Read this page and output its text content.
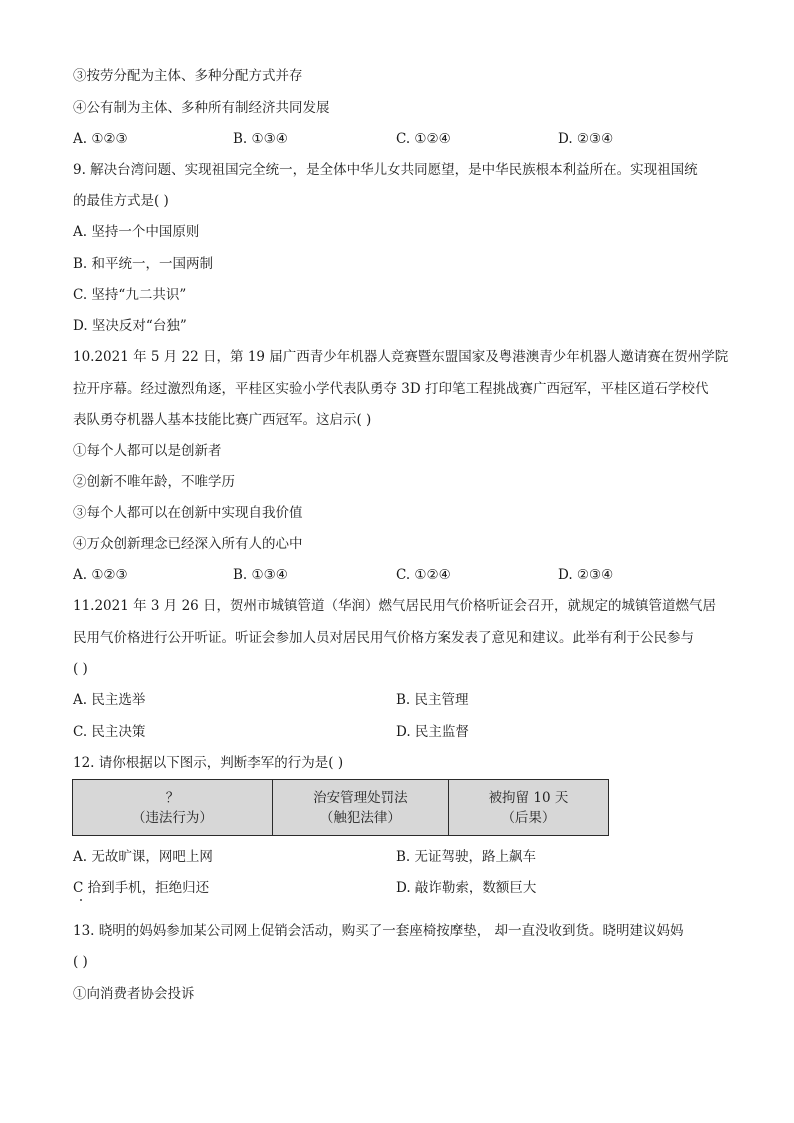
③按劳分配为主体、多种分配方式并存
④公有制为主体、多种所有制经济共同发展
9. 解决台湾问题、实现祖国完全统一，是全体中华儿女共同愿望，是中华民族根本利益所在。实现祖国统
的最佳方式是( )
A. 坚持一个中国原则
B. 和平统一，一国两制
C. 坚持“九二共识”
D. 坚决反对“台独”
10.2021 年 5 月 22 日，第 19 届广西青少年机器人竞赛暨东盟国家及粤港澳青少年机器人邀请赛在贺州学院
拉开序幕。经过激烈角逐，平桂区实验小学代表队勇夺 3D 打印笔工程挑战赛广西冠军，平桂区道石学校代
表队勇夺机器人基本技能比赛广西冠军。这启示( )
①每个人都可以是创新者
②创新不唯年龄，不唯学历
③每个人都可以在创新中实现自我价值
④万众创新理念已经深入所有人的心中
11.2021 年 3 月 26 日，贺州市城镇管道（华润）燃气居民用气价格听证会召开，就规定的城镇管道燃气居
民用气价格进行公开听证。听证会参加人员对居民用气价格方案发表了意见和建议。此举有利于公民参与
( )
12. 请你根据以下图示，判断李军的行为是( )
13. 晓明的妈妈参加某公司网上促销会活动，购买了一套座椅按摩垫， 却一直没收到货。晓明建议妈妈
( )
①向消费者协会投诉
A. ①②③	B. ①③④	C. ①②④	D. ②③④
A. ①②③	B. ①③④	C. ①②④	D. ②③④
A. 民主选举	B. 民主管理
C. 民主决策	D. 民主监督
A. 无故旷课，网吧上网	B. 无证驾驶，路上飙车
C 拾到手机，拒绝归还	D. 敲诈勒索，数额巨大
？
（违法行为）
治安管理处罚法
（触犯法律）
被拘留 10 天
（后果）
